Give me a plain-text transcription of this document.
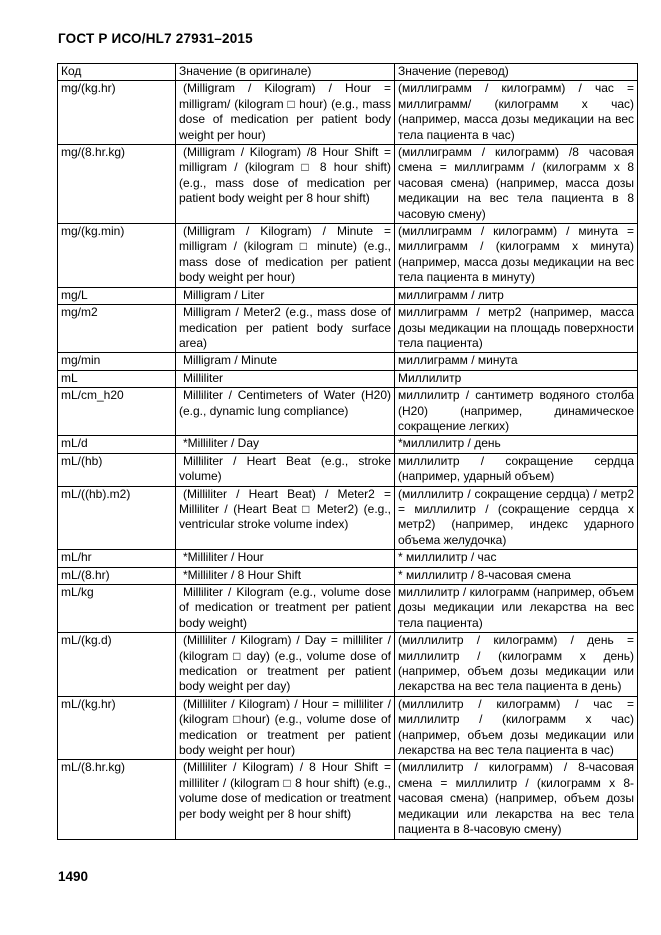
ГОСТ Р ИСО/HL7 27931–2015
Код	Значение (в оригинале)	Значение (перевод)
mg/(kg.hr)	(Milligram / Kilogram) / Hour = milligram/ (kilogram □ hour) (e.g., mass dose of medication per patient body weight per hour)	(миллиграмм / килограмм) / час = миллиграмм/ (килограмм х час) (например, масса дозы медикации на вес тела пациента в час)
mg/(8.hr.kg)	(Milligram / Kilogram) /8 Hour Shift = milligram / (kilogram □ 8 hour shift) (e.g., mass dose of medication per patient body weight per 8 hour shift)	(миллиграмм / килограмм) /8 часовая смена = миллиграмм / (килограмм х 8 часовая смена) (например, масса дозы медикации на вес тела пациента в 8 часовую смену)
mg/(kg.min)	(Milligram / Kilogram) / Minute = milligram / (kilogram □ minute) (e.g., mass dose of medication per patient body weight per hour)	(миллиграмм / килограмм) / минута = миллиграмм / (килограмм х минута) (например, масса дозы медикации на вес тела пациента в минуту)
mg/L	Milligram / Liter	миллиграмм / литр
mg/m2	Milligram / Meter2 (e.g., mass dose of medication per patient body surface area)	миллиграмм / метр2 (например, масса дозы медикации на площадь поверхности тела пациента)
mg/min	Milligram / Minute	миллиграмм / минута
mL	Milliliter	Миллилитр
mL/cm_h20	Milliliter / Centimeters of Water (H20) (e.g., dynamic lung compliance)	миллилитр / сантиметр водяного столба (H20) (например, динамическое сокращение легких)
mL/d	*Milliliter / Day	*миллилитр / день
mL/(hb)	Milliliter / Heart Beat (e.g., stroke volume)	миллилитр / сокращение сердца (например, ударный объем)
mL/((hb).m2)	(Milliliter / Heart Beat) / Meter2 = Milliliter / (Heart Beat □ Meter2) (e.g., ventricular stroke volume index)	(миллилитр / сокращение сердца) / метр2 = миллилитр / (сокращение сердца х метр2) (например, индекс ударного объема желудочка)
mL/hr	*Milliliter / Hour	* миллилитр / час
mL/(8.hr)	*Milliliter / 8 Hour Shift	* миллилитр / 8-часовая смена
mL/kg	Milliliter / Kilogram (e.g., volume dose of medication or treatment per patient body weight)	миллилитр / килограмм (например, объем дозы медикации или лекарства на вес тела пациента)
mL/(kg.d)	(Milliliter / Kilogram) / Day = milliliter / (kilogram □ day) (e.g., volume dose of medication or treatment per patient body weight per day)	(миллилитр / килограмм) / день = миллилитр / (килограмм х день) (например, объем дозы медикации или лекарства на вес тела пациента в день)
mL/(kg.hr)	(Milliliter / Kilogram) / Hour = milliliter / (kilogram □hour) (e.g., volume dose of medication or treatment per patient body weight per hour)	(миллилитр / килограмм) / час = миллилитр / (килограмм х час) (например, объем дозы медикации или лекарства на вес тела пациента в час)
mL/(8.hr.kg)	(Milliliter / Kilogram) / 8 Hour Shift = milliliter / (kilogram □ 8 hour shift) (e.g., volume dose of medication or treatment per body weight per 8 hour shift)	(миллилитр / килограмм) / 8-часовая смена = миллилитр / (килограмм х 8-часовая смена) (например, объем дозы медикации или лекарства на вес тела пациента в 8-часовую смену)
1490
